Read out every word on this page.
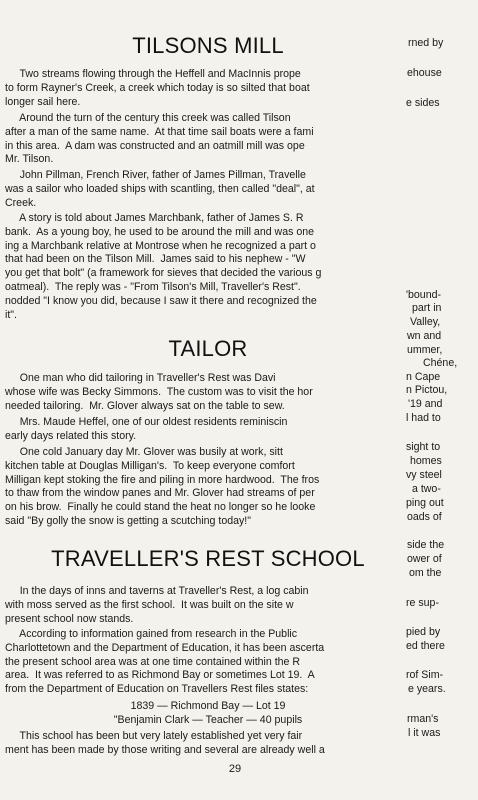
TILSONS MILL

Two streams flowing through the Heffell and MacInnis prope
to form Rayner's Creek, a creek which today is so silted that boat
longer sail here.

Around the turn of the century this creek was called Tilson
after a man of the same name.  At that time sail boats were a fami
in this area.  A dam was constructed and an oatmill mill was ope
Mr. Tilson.

John Pillman, French River, father of James Pillman, Travelle
was a sailor who loaded ships with scantling, then called "deal", at
Creek.

A story is told about James Marchbank, father of James S. R
bank.  As a young boy, he used to be around the mill and was one
ing a Marchbank relative at Montrose when he recognized a part o
that had been on the Tilson Mill.  James said to his nephew - "W
you get that bolt" (a framework for sieves that decided the various g
oatmeal).  The reply was - "From Tilson's Mill, Traveller's Rest".
nodded "I know you did, because I saw it there and recognized the
it".

TAILOR

One man who did tailoring in Traveller's Rest was Davi
whose wife was Becky Simmons.  The custom was to visit the hor
needed tailoring.  Mr. Glover always sat on the table to sew.

Mrs. Maude Heffel, one of our oldest residents reminiscin
early days related this story.

One cold January day Mr. Glover was busily at work, sitt
kitchen table at Douglas Milligan's.  To keep everyone comfort
Milligan kept stoking the fire and piling in more hardwood.  The fros
to thaw from the window panes and Mr. Glover had streams of per
on his brow.  Finally he could stand the heat no longer so he looke
said "By golly the snow is getting a scutching today!"

TRAVELLER'S REST SCHOOL

In the days of inns and taverns at Traveller's Rest, a log cabin
with moss served as the first school.  It was built on the site w
present school now stands.

According to information gained from research in the Public
Charlottetown and the Department of Education, it has been ascerta
the present school area was at one time contained within the R
area.  It was referred to as Richmond Bay or sometimes Lot 19.  A
from the Department of Education on Travellers Rest files states:

1839 — Richmond Bay — Lot 19

"Benjamin Clark — Teacher — 40 pupils

This school has been but very lately established yet very fair
ment has been made by those writing and several are already well a

rned by

ehouse

e sides

'bound-

part in

Valley,

wn and

ummer,

Chéne,

n Cape

n Pictou,

'19 and

l had to

sight to

homes

vy steel

a two-

ping out

oads of

side the

ower of

om the

re sup-

pied by

ed there

rof Sim-

e years.

rman's

l it was

29
